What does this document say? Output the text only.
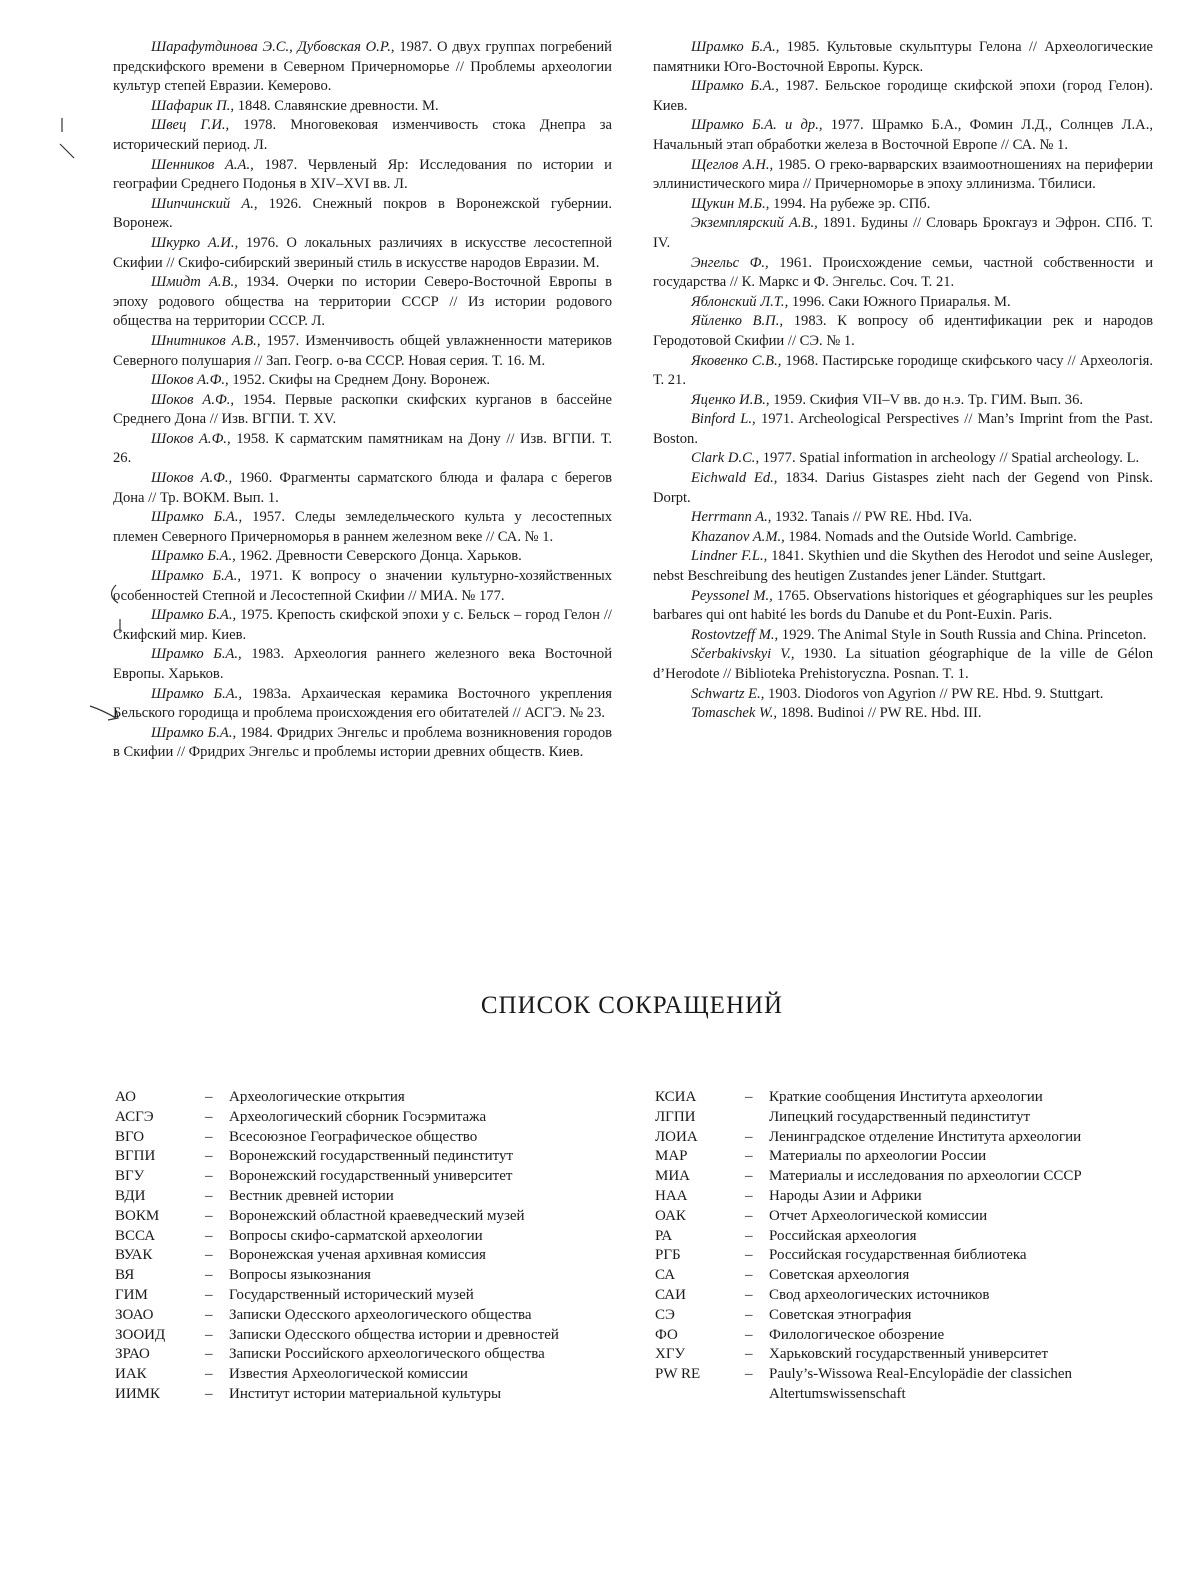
Шарафутдинова Э.С., Дубовская О.Р., 1987. О двух группах погребений предскифского времени в Северном Причерноморье // Проблемы археологии культур степей Евразии. Кемерово.

Шафарик П., 1848. Славянские древности. М.

Швец Г.И., 1978. Многовековая изменчивость стока Днепра за исторический период. Л.

Шенников А.А., 1987. Червленый Яр: Исследования по истории и географии Среднего Подонья в XIV–XVI вв. Л.

Шипчинский А., 1926. Снежный покров в Воронежской губернии. Воронеж.

Шкурко А.И., 1976. О локальных различиях в искусстве лесостепной Скифии // Скифо-сибирский звериный стиль в искусстве народов Евразии. М.

Шмидт А.В., 1934. Очерки по истории Северо-Восточной Европы в эпоху родового общества на территории СССР // Из истории родового общества на территории СССР. Л.

Шнитников А.В., 1957. Изменчивость общей увлажненности материков Северного полушария // Зап. Геогр. о-ва СССР. Новая серия. Т. 16. М.

Шоков А.Ф., 1952. Скифы на Среднем Дону. Воронеж.

Шоков А.Ф., 1954. Первые раскопки скифских курганов в бассейне Среднего Дона // Изв. ВГПИ. Т. XV.

Шоков А.Ф., 1958. К сарматским памятникам на Дону // Изв. ВГПИ. Т. 26.

Шоков А.Ф., 1960. Фрагменты сарматского блюда и фалара с берегов Дона // Тр. ВОКМ. Вып. 1.

Шрамко Б.А., 1957. Следы земледельческого культа у лесостепных племен Северного Причерноморья в раннем железном веке // СА. № 1.

Шрамко Б.А., 1962. Древности Северского Донца. Харьков.

Шрамко Б.А., 1971. К вопросу о значении культурно-хозяйственных особенностей Степной и Лесостепной Скифии // МИА. № 177.

Шрамко Б.А., 1975. Крепость скифской эпохи у с. Бельск – город Гелон // Скифский мир. Киев.

Шрамко Б.А., 1983. Археология раннего железного века Восточной Европы. Харьков.

Шрамко Б.А., 1983а. Архаическая керамика Восточного укрепления Бельского городища и проблема происхождения его обитателей // АСГЭ. № 23.

Шрамко Б.А., 1984. Фридрих Энгельс и проблема возникновения городов в Скифии // Фридрих Энгельс и проблемы истории древних обществ. Киев.

Шрамко Б.А., 1985. Культовые скульптуры Гелона // Археологические памятники Юго-Восточной Европы. Курск.

Шрамко Б.А., 1987. Бельское городище скифской эпохи (город Гелон). Киев.

Шрамко Б.А. и др., 1977. Шрамко Б.А., Фомин Л.Д., Солнцев Л.А., Начальный этап обработки железа в Восточной Европе // СА. № 1.

Щеглов А.Н., 1985. О греко-варварских взаимоотношениях на периферии эллинистического мира // Причерноморье в эпоху эллинизма. Тбилиси.

Щукин М.Б., 1994. На рубеже эр. СПб.

Экземплярский А.В., 1891. Будины // Словарь Брокгауз и Эфрон. СПб. Т. IV.

Энгельс Ф., 1961. Происхождение семьи, частной собственности и государства // К. Маркс и Ф. Энгельс. Соч. Т. 21.

Яблонский Л.Т., 1996. Саки Южного Приаралья. М.

Яйленко В.П., 1983. К вопросу об идентификации рек и народов Геродотовой Скифии // СЭ. № 1.

Яковенко С.В., 1968. Пастирське городище скифського часу // Археологiя. Т. 21.

Яценко И.В., 1959. Скифия VII–V вв. до н.э. Тр. ГИМ. Вып. 36.

Binford L., 1971. Archeological Perspectives // Man’s Imprint from the Past. Boston.

Clark D.C., 1977. Spatial information in archeology // Spatial archeology. L.

Eichwald Ed., 1834. Darius Gistaspes zieht nach der Gegend von Pinsk. Dorpt.

Herrmann A., 1932. Tanais // PW RE. Hbd. IVa.

Khazanov A.M., 1984. Nomads and the Outside World. Cambrige.

Lindner F.L., 1841. Skythien und die Skythen des Herodot und seine Ausleger, nebst Beschreibung des heutigen Zustandes jener Länder. Stuttgart.

Peyssonel M., 1765. Observations historiques et géographiques sur les peuples barbares qui ont habité les bords du Danube et du Pont-Euxin. Paris.

Rostovtzeff M., 1929. The Animal Style in South Russia and China. Princeton.

Sčerbakivskyi V., 1930. La situation géographique de la ville de Gélon d’Herodote // Biblioteka Prehistoryczna. Posnan. T. 1.

Schwartz E., 1903. Diodoros von Agyrion // PW RE. Hbd. 9. Stuttgart.

Tomaschek W., 1898. Budinoi // PW RE. Hbd. III.

СПИСОК СОКРАЩЕНИЙ
АО	–	Археологические открытия
АСГЭ	–	Археологический сборник Госэрмитажа
ВГО	–	Всесоюзное Географическое общество
ВГПИ	–	Воронежский государственный пединститут
ВГУ	–	Воронежский государственный университет
ВДИ	–	Вестник древней истории
ВОКМ	–	Воронежский областной краеведческий музей
ВССА	–	Вопросы скифо-сарматской археологии
ВУАК	–	Воронежская ученая архивная комиссия
ВЯ	–	Вопросы языкознания
ГИМ	–	Государственный исторический музей
ЗОАО	–	Записки Одесского археологического общества
ЗООИД	–	Записки Одесского общества истории и древностей
ЗРАО	–	Записки Российского археологического общества
ИАК	–	Известия Археологической комиссии
ИИМК	–	Институт истории материальной культуры
КСИА	–	Краткие сообщения Института археологии
ЛГПИ	Липецкий государственный пединститут
ЛОИА	–	Ленинградское отделение Института археологии
МАР	–	Материалы по археологии России
МИА	–	Материалы и исследования по археологии СССР
НАА	–	Народы Азии и Африки
ОАК	–	Отчет Археологической комиссии
РА	–	Российская археология
РГБ	–	Российская государственная библиотека
СА	–	Советская археология
САИ	–	Свод археологических источников
СЭ	–	Советская этнография
ФО	–	Филологическое обозрение
ХГУ	–	Харьковский государственный университет
PW RE	–	Pauly’s-Wissowa Real-Encylopädie der classichen Altertumswissenschaft
